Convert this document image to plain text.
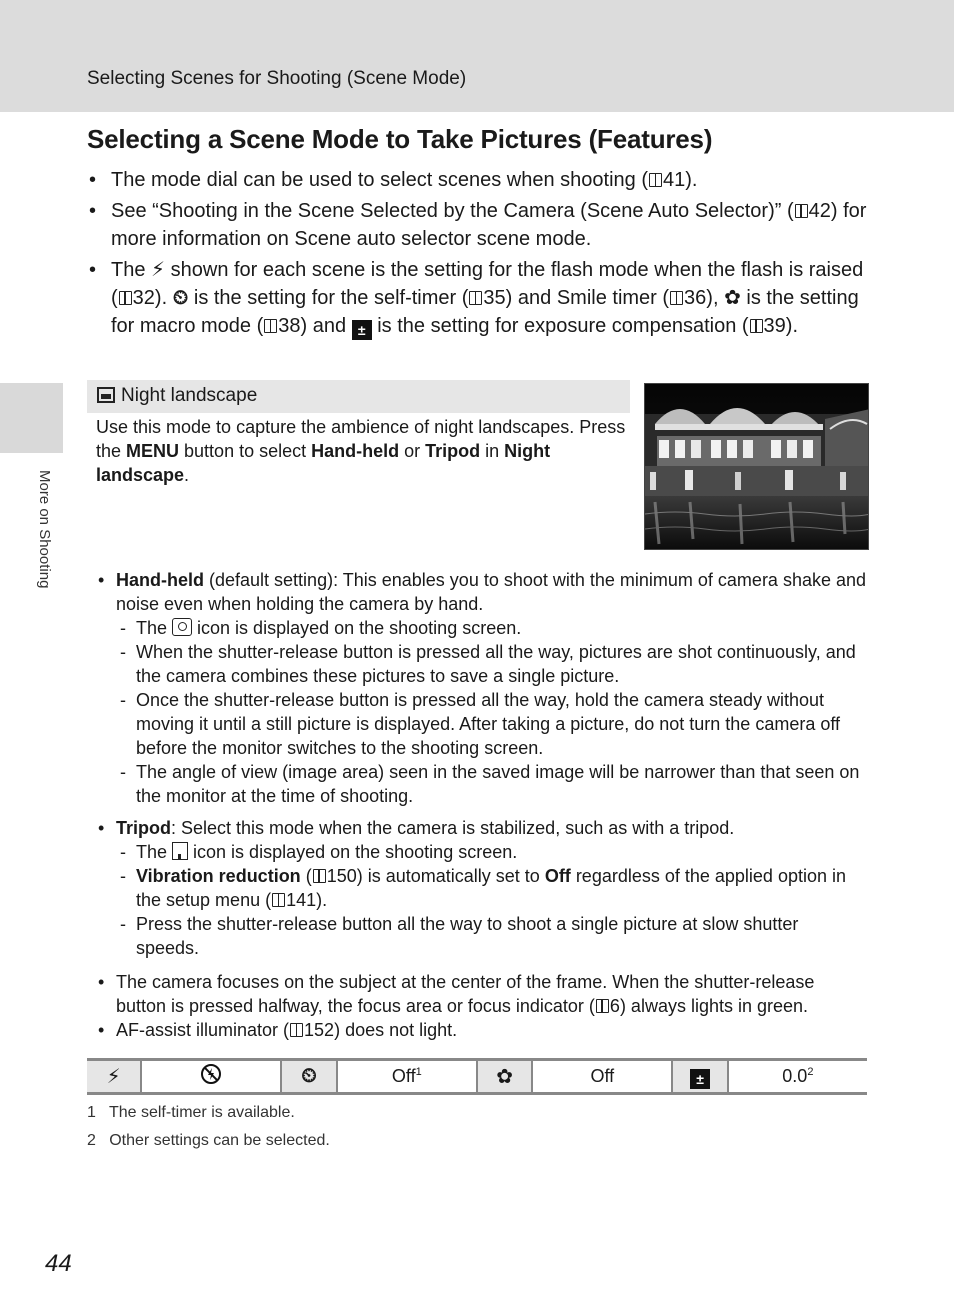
Selecting Scenes for Shooting (Scene Mode)
More on Shooting
Selecting a Scene Mode to Take Pictures (Features)
• The mode dial can be used to select scenes when shooting ( 41).
• See “Shooting in the Scene Selected by the Camera (Scene Auto Selector)” ( 42) for more information on Scene auto selector scene mode.
• The ⚡ shown for each scene is the setting for the flash mode when the flash is raised ( 32). ⏲ is the setting for the self-timer ( 35) and Smile timer ( 36), ✿ is the setting for macro mode ( 38) and ± is the setting for exposure compensation ( 39).
Night landscape

Use this mode to capture the ambience of night landscapes. Press the MENU button to select Hand-held or Tripod in Night landscape.

• Hand-held (default setting): This enables you to shoot with the minimum of camera shake and noise even when holding the camera by hand.
- The  icon is displayed on the shooting screen.
- When the shutter-release button is pressed all the way, pictures are shot continuously, and the camera combines these pictures to save a single picture.
- Once the shutter-release button is pressed all the way, hold the camera steady without moving it until a still picture is displayed. After taking a picture, do not turn the camera off before the monitor switches to the shooting screen.
- The angle of view (image area) seen in the saved image will be narrower than that seen on the monitor at the time of shooting.
• Tripod: Select this mode when the camera is stabilized, such as with a tripod.
- The  icon is displayed on the shooting screen.
- Vibration reduction ( 150) is automatically set to Off regardless of the applied option in the setup menu ( 141).
- Press the shutter-release button all the way to shoot a single picture at slow shutter speeds.
• The camera focuses on the subject at the center of the frame. When the shutter-release button is pressed halfway, the focus area or focus indicator ( 6) always lights in green.
• AF-assist illuminator ( 152) does not light.
⚡		⏲	Off$^1$	✿	Off	±	$0.0^2$
1   The self-timer is available.
2   Other settings can be selected.
44
